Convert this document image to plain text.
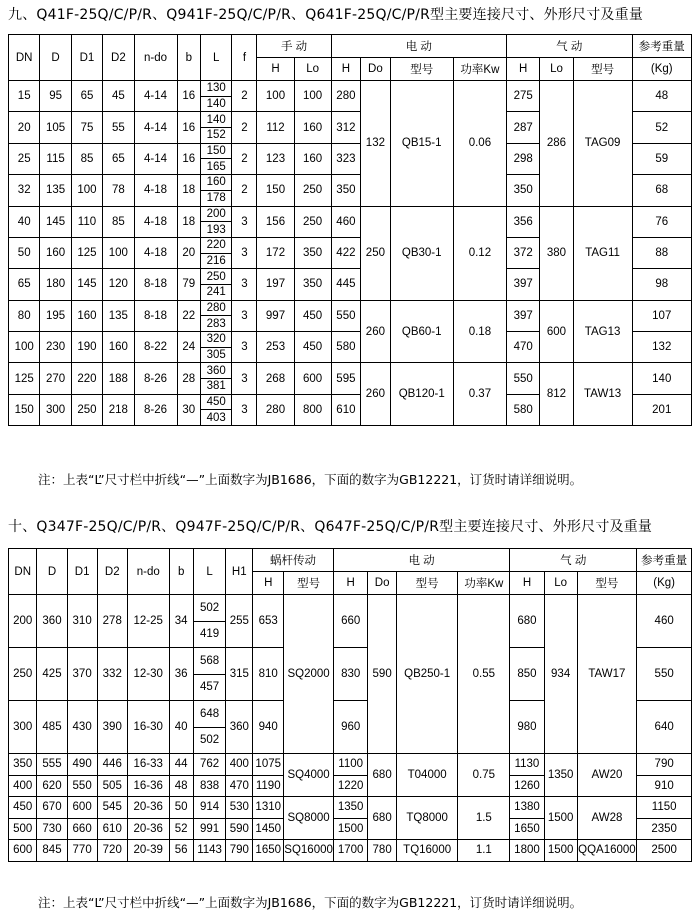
九、Q41F-25Q/C/P/R、Q941F-25Q/C/P/R、Q641F-25Q/C/P/R型主要连接尺寸、外形尺寸及重量
DN	D	D1	D2	n-do	b	L	f	手 动		电 动				气 动			参考重量
								H	Lo	H	Do	型号	功率Kw	H	Lo	型号	(Kg)
15	95	65	45	4-14	16	130	2	100	100	280	132	QB15-1	0.06	275	286	TAG09	48
						140											
20	105	75	55	4-14	16	140	2	112	160	312				287			52
						152											
25	115	85	65	4-14	16	150	2	123	160	323				298			59
						165											
32	135	100	78	4-18	18	160	2	150	250	350				350			68
						178											
40	145	110	85	4-18	18	200	3	156	250	460	250	QB30-1	0.12	356	380	TAG11	76
						193											
50	160	125	100	4-18	20	220	3	172	350	422				372			88
						216											
65	180	145	120	8-18	79	250	3	197	350	445				397			98
						241											
80	195	160	135	8-18	22	280	3	997	450	550	260	QB60-1	0.18	397	600	TAG13	107
						283											
100	230	190	160	8-22	24	320	3	253	450	580				470			132
						305											
125	270	220	188	8-26	28	360	3	268	600	595	260	QB120-1	0.37	550	812	TAW13	140
						381											
150	300	250	218	8-26	30	450	3	280	800	610				580			201
						403											
注：上表“L”尺寸栏中折线“—”上面数字为JB1686，下面的数字为GB12221，订货时请详细说明。
十、Q347F-25Q/C/P/R、Q947F-25Q/C/P/R、Q647F-25Q/C/P/R型主要连接尺寸、外形尺寸及重量
DN	D	D1	D2	n-do	b	L	H1	蜗杆传动		电 动				气 动			参考重量
								H	型号	H	Do	型号	功率Kw	H	Lo	型号	(Kg)
200	360	310	278	12-25	34	502	255	653	SQ2000	660	590	QB250-1	0.55	680	934	TAW17	460
						419											
250	425	370	332	12-30	36	568	315	810		830				850			550
						457											
300	485	430	390	16-30	40	648	360	940		960				980			640
						502											
350	555	490	446	16-33	44	762	400	1075	SQ4000	1100	680	T04000	0.75	1130	1350	AW20	790
400	620	550	505	16-36	48	838	470	1190		1220				1260			910
450	670	600	545	20-36	50	914	530	1310	SQ8000	1350	680	TQ8000	1.5	1380	1500	AW28	1150
500	730	660	610	20-36	52	991	590	1450		1500				1650			2350
600	845	770	720	20-39	56	1143	790	1650	SQ16000	1700	780	TQ16000	1.1	1800	1500	QQA16000	2500
注：上表“L”尺寸栏中折线“—”上面数字为JB1686，下面的数字为GB12221，订货时请详细说明。
